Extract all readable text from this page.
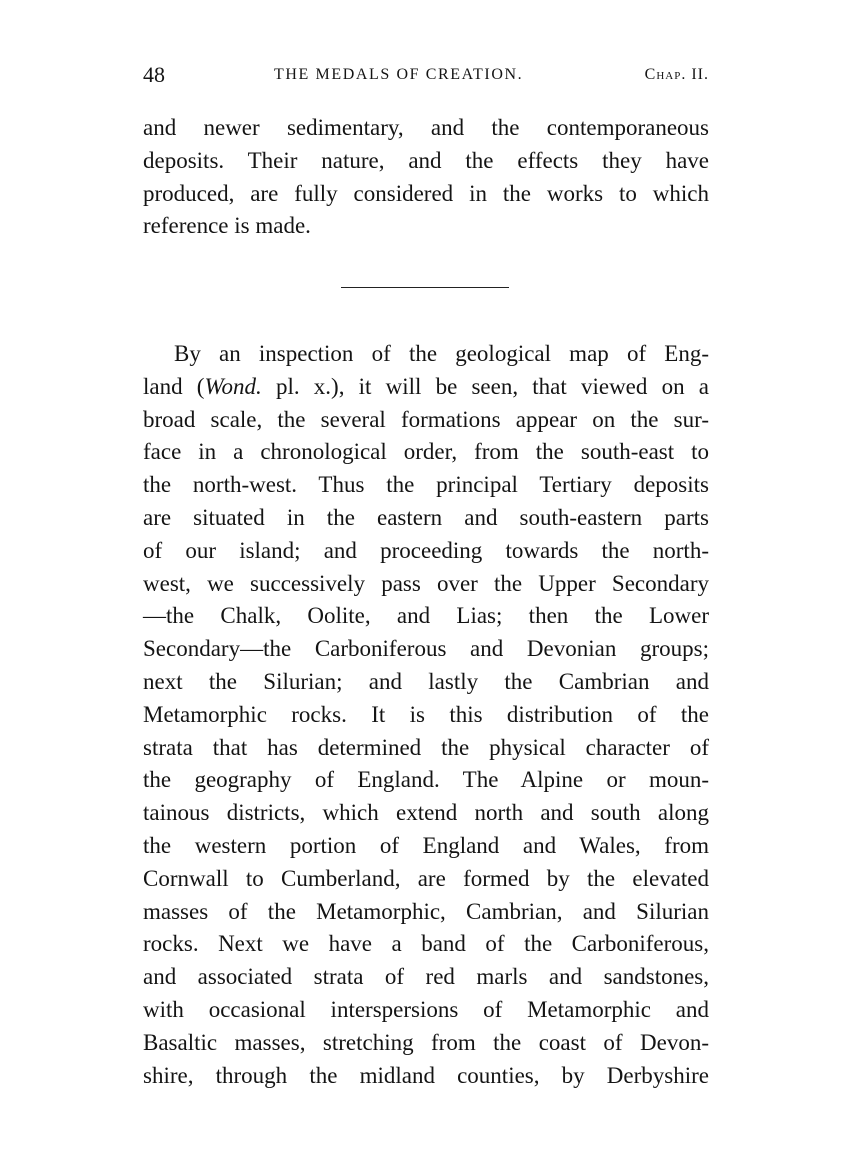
48	THE MEDALS OF CREATION.	Chap. II.
and newer sedimentary, and the contemporaneous
deposits. Their nature, and the effects they have
produced, are fully considered in the works to which
reference is made.
By an inspection of the geological map of Eng-
land (Wond. pl. x.), it will be seen, that viewed on a
broad scale, the several formations appear on the sur-
face in a chronological order, from the south-east to
the north-west. Thus the principal Tertiary deposits
are situated in the eastern and south-eastern parts
of our island; and proceeding towards the north-
west, we successively pass over the Upper Secondary
—the Chalk, Oolite, and Lias; then the Lower
Secondary—the Carboniferous and Devonian groups;
next the Silurian; and lastly the Cambrian and
Metamorphic rocks. It is this distribution of the
strata that has determined the physical character of
the geography of England. The Alpine or moun-
tainous districts, which extend north and south along
the western portion of England and Wales, from
Cornwall to Cumberland, are formed by the elevated
masses of the Metamorphic, Cambrian, and Silurian
rocks. Next we have a band of the Carboniferous,
and associated strata of red marls and sandstones,
with occasional interspersions of Metamorphic and
Basaltic masses, stretching from the coast of Devon-
shire, through the midland counties, by Derbyshire
